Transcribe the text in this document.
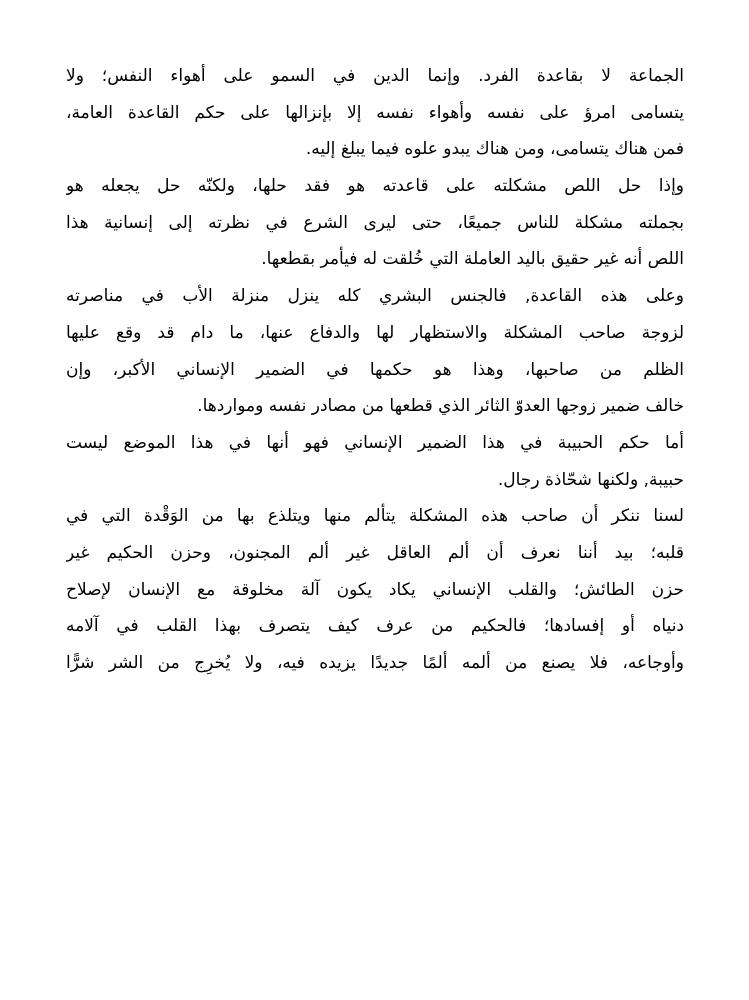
الجماعة لا بقاعدة الفرد. وإنما الدين في السمو على أهواء النفس؛ ولا
يتسامى امرؤ على نفسه وأهواء نفسه إلا بإنزالها على حكم القاعدة العامة،
فمن هناك يتسامى، ومن هناك يبدو علوه فيما يبلغ إليه.
وإذا حل اللص مشكلته على قاعدته هو فقد حلها، ولكنّه حل يجعله هو
بجملته مشكلة للناس جميعًا، حتى ليرى الشرع في نظرته إلى إنسانية هذا
اللص أنه غير حقيق باليد العاملة التي خُلقت له فيأمر بقطعها.
وعلى هذه القاعدة, فالجنس البشري كله ينزل منزلة الأب في مناصرته
لزوجة صاحب المشكلة والاستظهار لها والدفاع عنها، ما دام قد وقع عليها
الظلم من صاحبها، وهذا هو حكمها في الضمير الإنساني الأكبر، وإن
خالف ضمير زوجها العدوّ الثائر الذي قطعها من مصادر نفسه ومواردها.
أما حكم الحبيبة في هذا الضمير الإنساني فهو أنها في هذا الموضع ليست
حبيبة, ولكنها شحّاذة رجال.
لسنا ننكر أن صاحب هذه المشكلة يتألم منها ويتلذع بها من الوَقْدة التي في
قلبه؛ بيد أننا نعرف أن ألم العاقل غير ألم المجنون، وحزن الحكيم غير
حزن الطائش؛ والقلب الإنساني يكاد يكون آلة مخلوقة مع الإنسان لإصلاح
دنياه أو إفسادها؛ فالحكيم من عرف كيف يتصرف بهذا القلب في آلامه
وأوجاعه، فلا يصنع من ألمه ألمًا جديدًا يزيده فيه، ولا يُخرِج من الشر شرًّا
